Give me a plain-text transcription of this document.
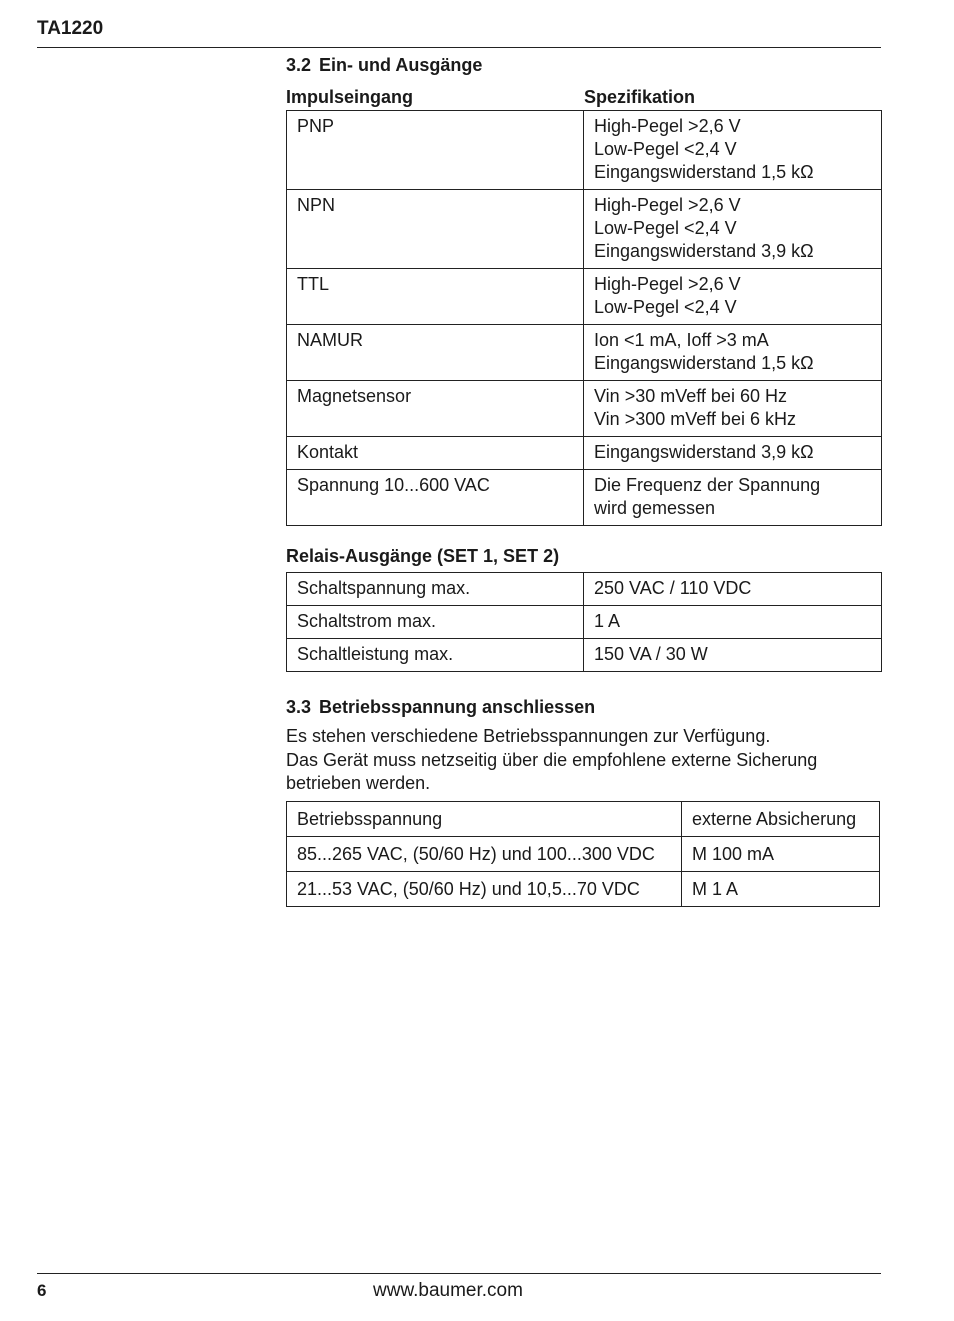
TA1220
3.2 Ein- und Ausgänge
Impulseingang	Spezifikation
PNP	High-Pegel >2,6 V
Low-Pegel <2,4 V
Eingangswiderstand 1,5 kΩ

NPN	High-Pegel >2,6 V
Low-Pegel <2,4 V
Eingangswiderstand 3,9 kΩ

TTL	High-Pegel >2,6 V
Low-Pegel <2,4 V

NAMUR	Ion <1 mA, Ioff >3 mA
Eingangswiderstand 1,5 kΩ

Magnetsensor	Vin >30 mVeff bei 60 Hz
Vin >300 mVeff bei 6 kHz

Kontakt	Eingangswiderstand 3,9 kΩ

Spannung 10...600 VAC	Die Frequenz der Spannung
wird gemessen
Relais-Ausgänge (SET 1, SET 2)
Schaltspannung max.	250 VAC / 110 VDC
Schaltstrom max.	1 A
Schaltleistung max.	150 VA / 30 W
3.3 Betriebsspannung anschliessen
Es stehen verschiedene Betriebsspannungen zur Verfügung.
Das Gerät muss netzseitig über die empfohlene externe Sicherung
betrieben werden.
Betriebsspannung	externe Absicherung
85...265 VAC, (50/60 Hz) und 100...300 VDC	M 100 mA
21...53 VAC, (50/60 Hz) und 10,5...70 VDC	M 1 A
6	www.baumer.com
